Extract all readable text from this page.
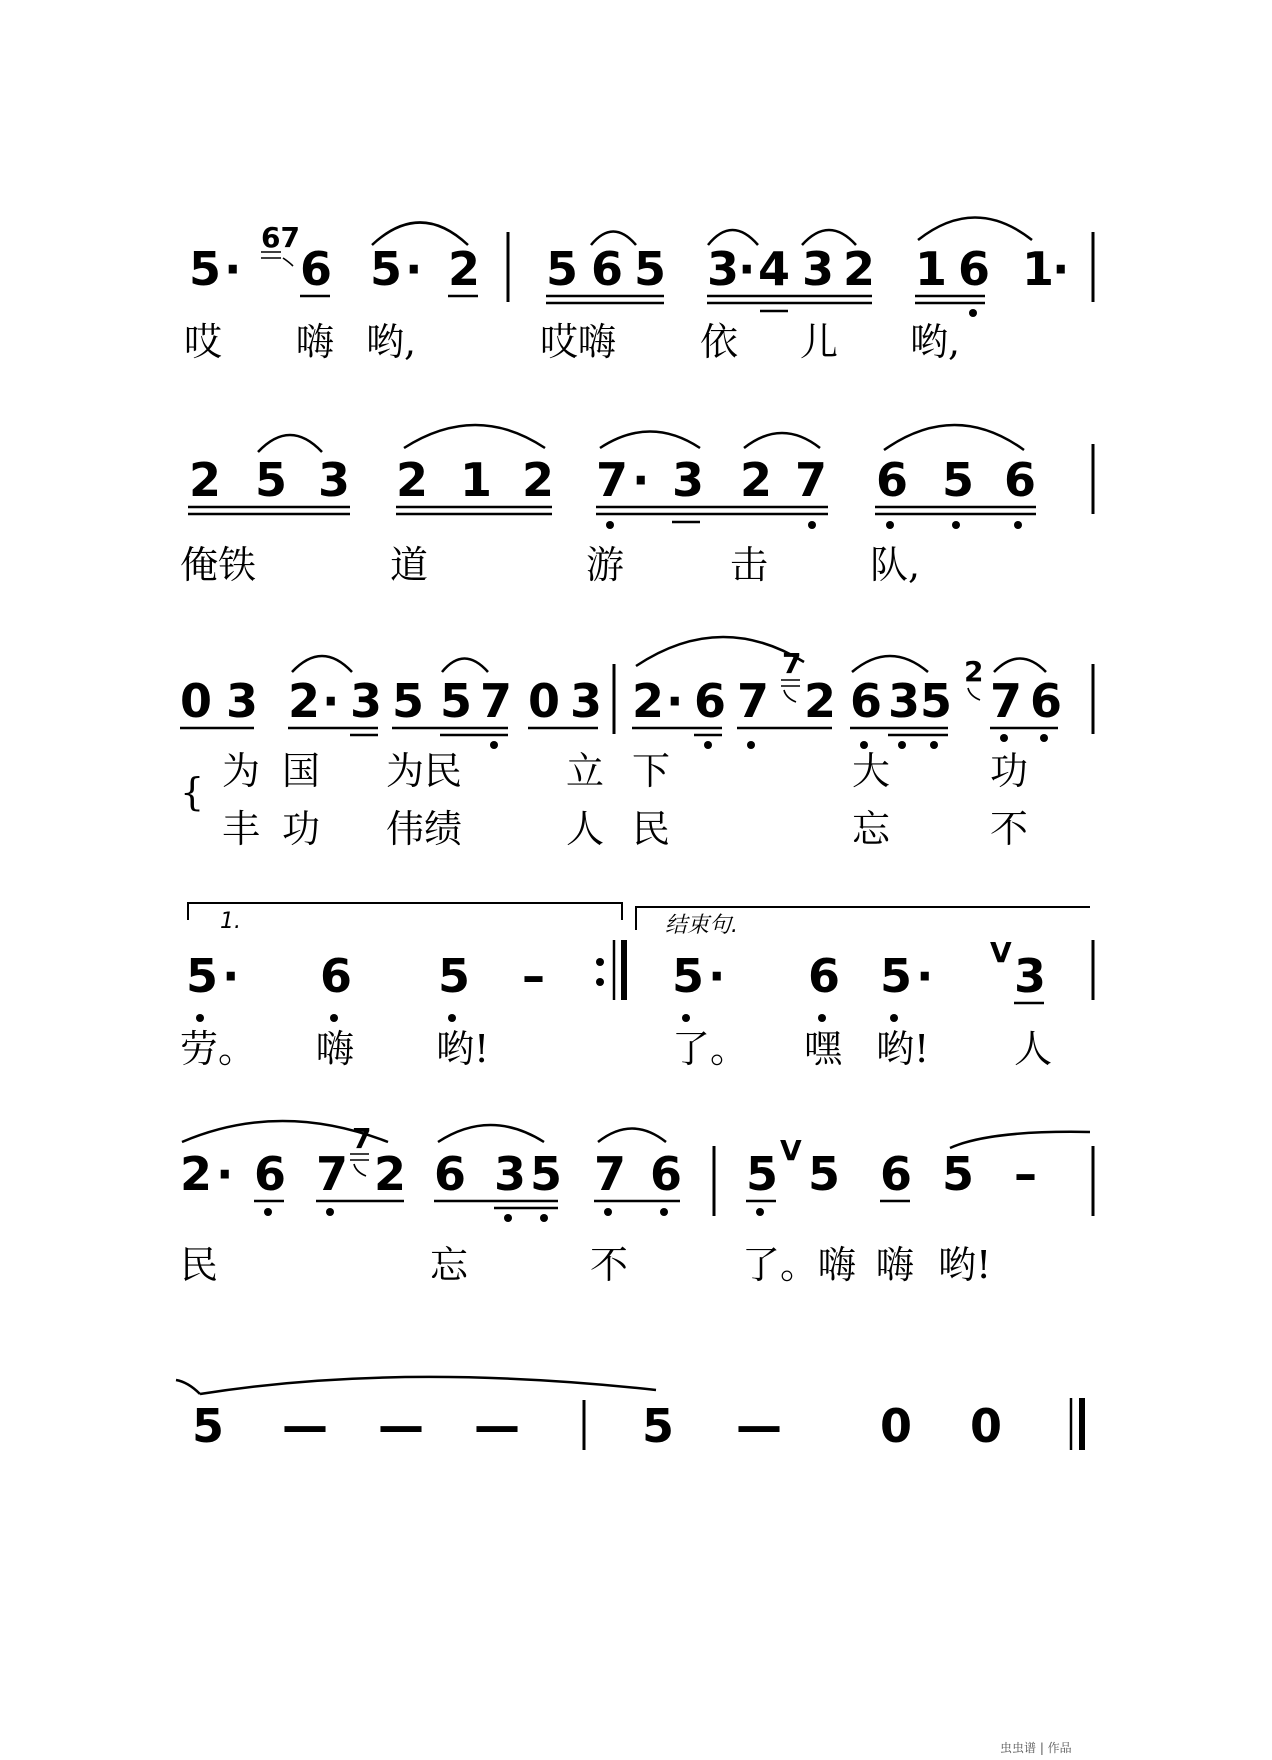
67
5 · 6 5 · 2 5 6 5 3
· 4 3 2 1 6 1
·
哎 嗨 哟,	哎嗨 依 儿 哟,
2 5 3 2 1 2 7 · 3 2 7 6 5 6
俺铁	道	游	击	队,
0 3 2 · 3 5 5 7 0 3 2 · 6 7
7
2 6 3 5
2
7 6
{ 为 国 为民	立 下	大	功
丰 功 伟绩	人 民	忘	不
1.	结束句.
5 · 6 5 –	5 · 6 5 · V 3
劳。 嗨 哟!	了。 嘿 哟! 人
2 · 6 7
7
2 6 3 5 7 6 5 V 5 6 5 –
民	忘	不	了。嗨 嗨 哟!
5 — — —	5 — 0 0
虫虫谱 | 作品
